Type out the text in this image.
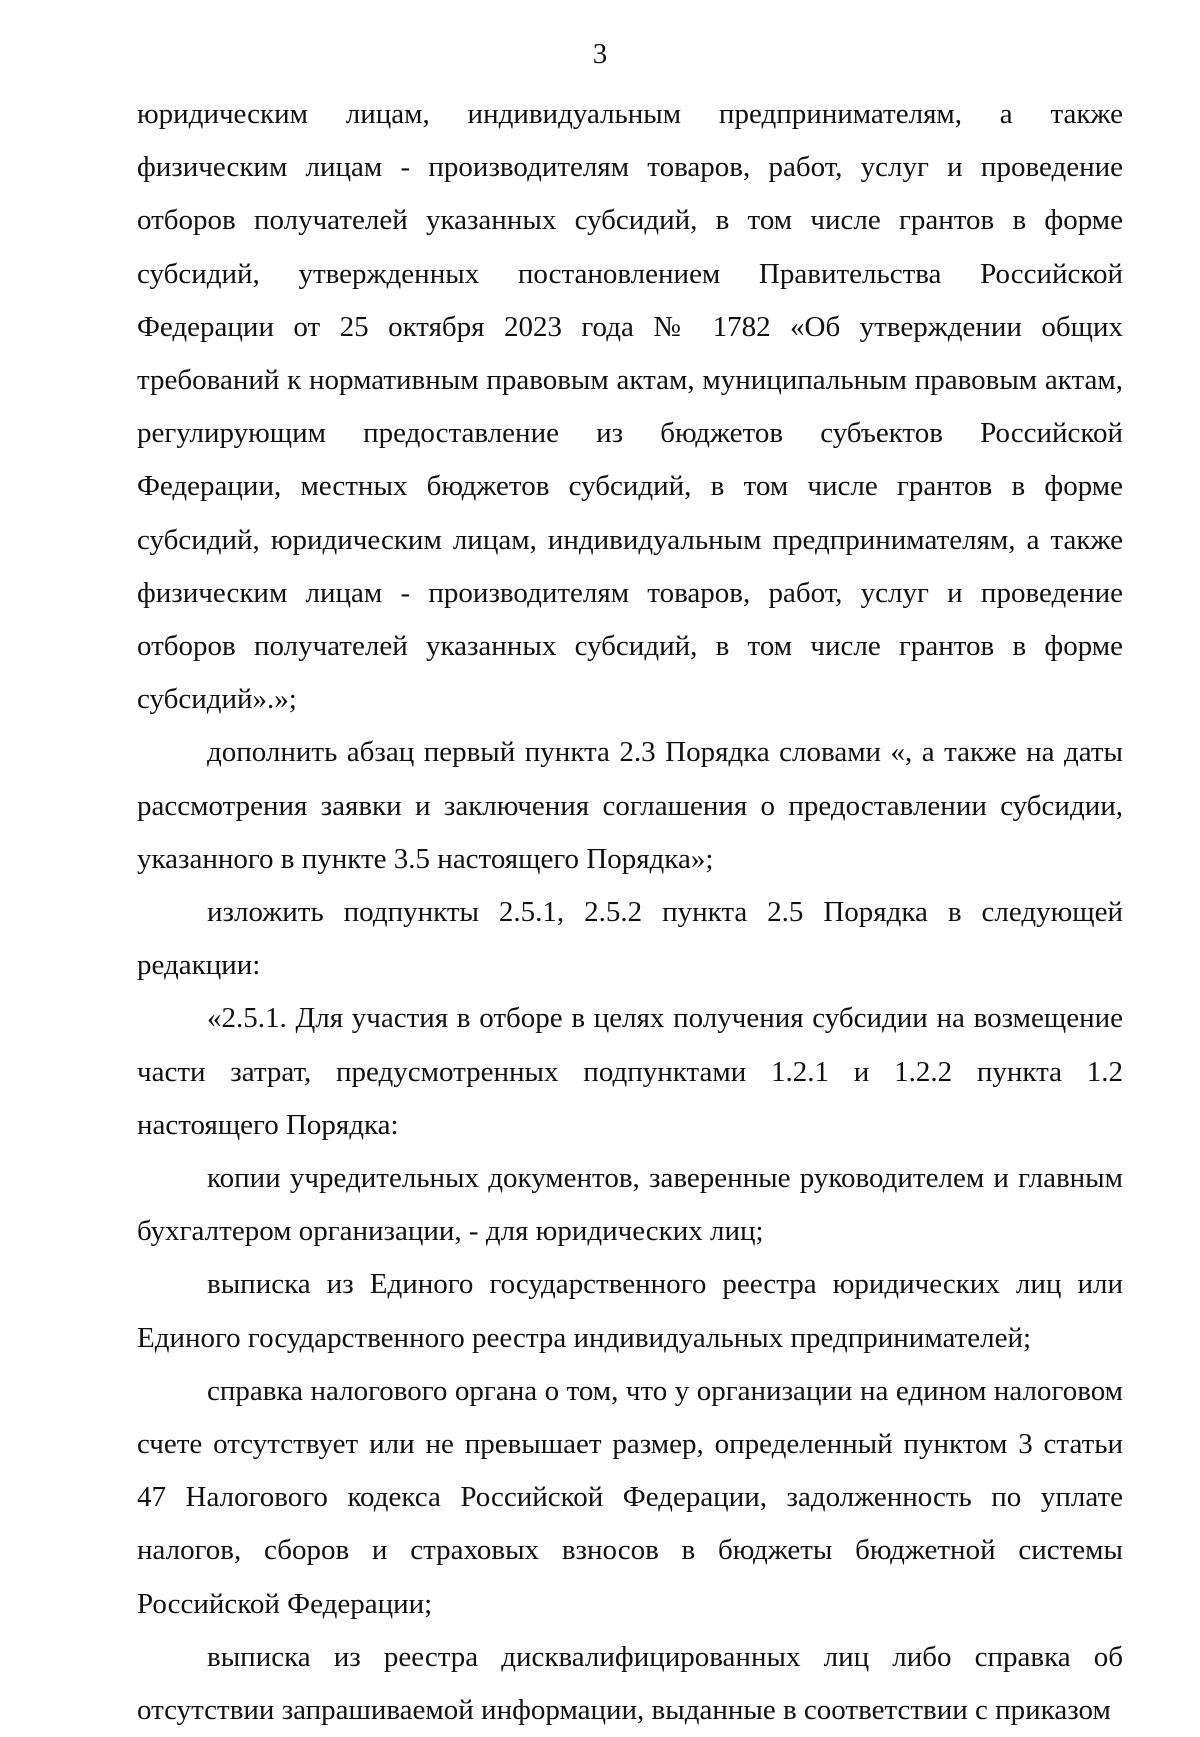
3

юридическим лицам, индивидуальным предпринимателям, а также физическим лицам - производителям товаров, работ, услуг и проведение отборов получателей указанных субсидий, в том числе грантов в форме субсидий, утвержденных постановлением Правительства Российской Федерации от 25 октября 2023 года № 1782 «Об утверждении общих требований к нормативным правовым актам, муниципальным правовым актам, регулирующим предоставление из бюджетов субъектов Российской Федерации, местных бюджетов субсидий, в том числе грантов в форме субсидий, юридическим лицам, индивидуальным предпринимателям, а также физическим лицам - производителям товаров, работ, услуг и проведение отборов получателей указанных субсидий, в том числе грантов в форме субсидий».»;

дополнить абзац первый пункта 2.3 Порядка словами «, а также на даты рассмотрения заявки и заключения соглашения о предоставлении субсидии, указанного в пункте 3.5 настоящего Порядка»;

изложить подпункты 2.5.1, 2.5.2 пункта 2.5 Порядка в следующей редакции:

«2.5.1. Для участия в отборе в целях получения субсидии на возмещение части затрат, предусмотренных подпунктами 1.2.1 и 1.2.2 пункта 1.2 настоящего Порядка:

копии учредительных документов, заверенные руководителем и главным бухгалтером организации, - для юридических лиц;

выписка из Единого государственного реестра юридических лиц или Единого государственного реестра индивидуальных предпринимателей;

справка налогового органа о том, что у организации на едином налоговом счете отсутствует или не превышает размер, определенный пунктом 3 статьи 47 Налогового кодекса Российской Федерации, задолженность по уплате налогов, сборов и страховых взносов в бюджеты бюджетной системы Российской Федерации;

выписка из реестра дисквалифицированных лиц либо справка об отсутствии запрашиваемой информации, выданные в соответствии с приказом
